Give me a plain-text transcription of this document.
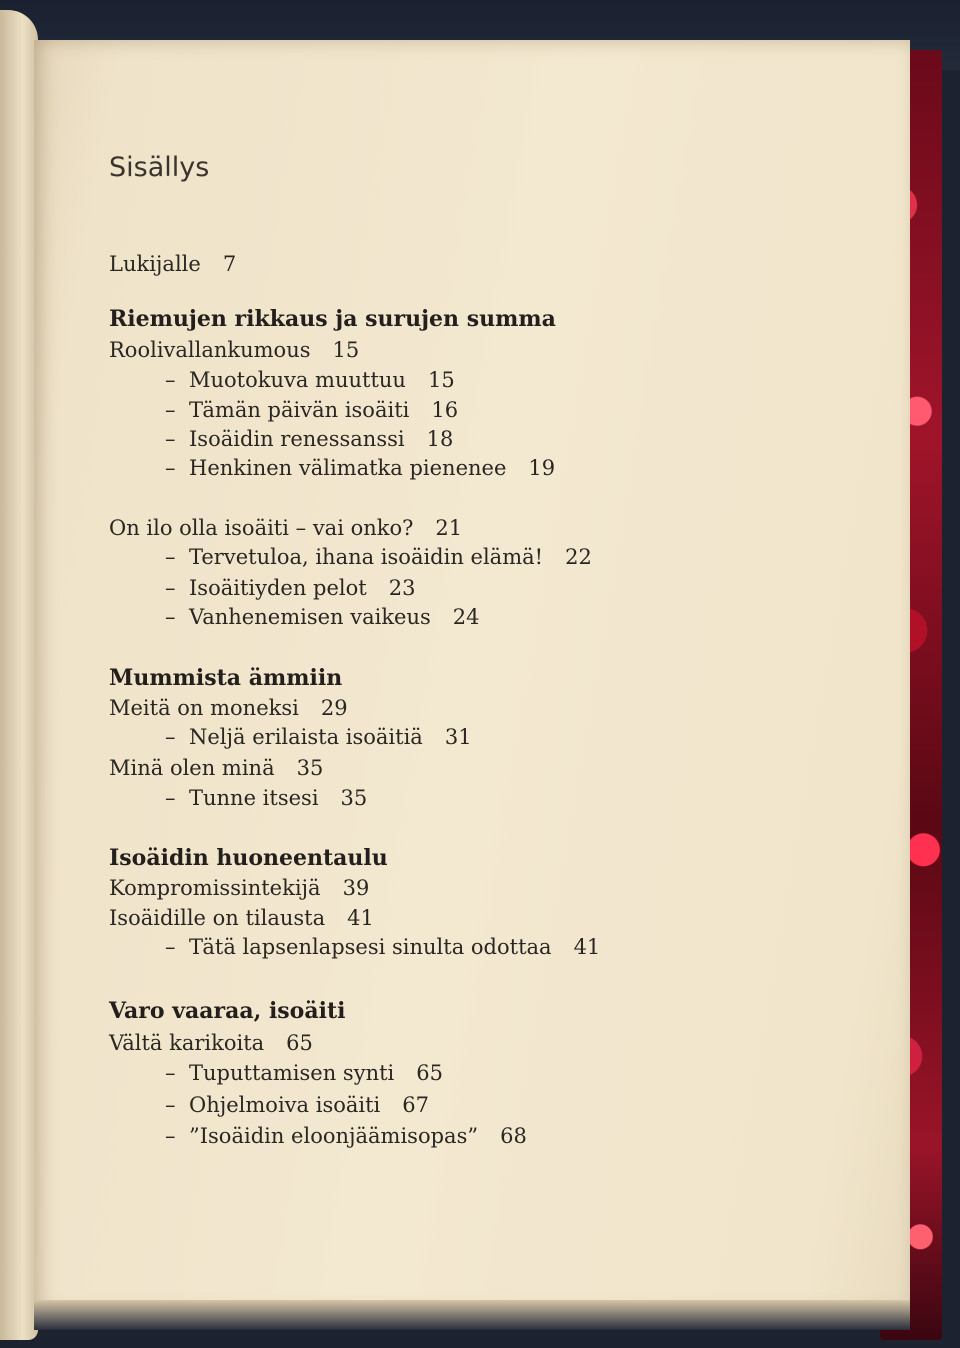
Sisällys
Lukijalle 7
Riemujen rikkaus ja surujen summa
Roolivallankumous 15
– Muotokuva muuttuu 15
– Tämän päivän isoäiti 16
– Isoäidin renessanssi 18
– Henkinen välimatka pienenee 19
On ilo olla isoäiti – vai onko? 21
– Tervetuloa, ihana isoäidin elämä! 22
– Isoäitiyden pelot 23
– Vanhenemisen vaikeus 24
Mummista ämmiin
Meitä on moneksi 29
– Neljä erilaista isoäitiä 31
Minä olen minä 35
– Tunne itsesi 35
Isoäidin huoneentaulu
Kompromissintekijä 39
Isoäidille on tilausta 41
– Tätä lapsenlapsesi sinulta odottaa 41
Varo vaaraa, isoäiti
Vältä karikoita 65
– Tuputtamisen synti 65
– Ohjelmoiva isoäiti 67
– ”Isoäidin eloonjäämisopas” 68
